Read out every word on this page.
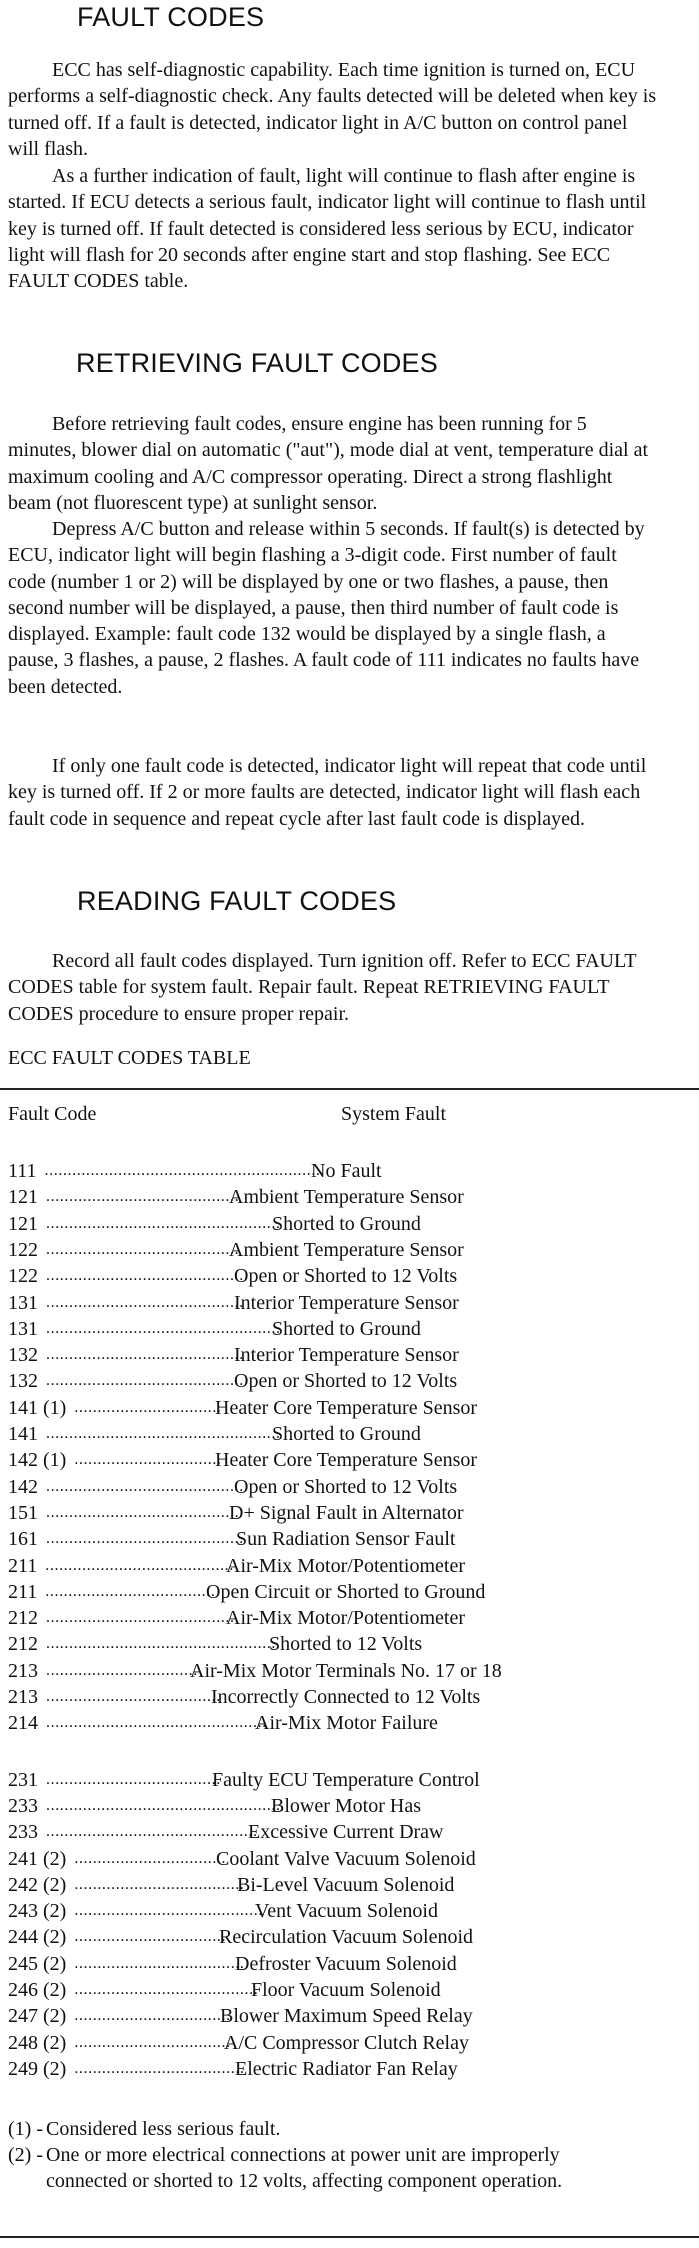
FAULT CODES

ECC has self-diagnostic capability. Each time ignition is turned on, ECU performs a self-diagnostic check. Any faults detected will be deleted when key is turned off. If a fault is detected, indicator light in A/C button on control panel will flash.

As a further indication of fault, light will continue to flash after engine is started. If ECU detects a serious fault, indicator light will continue to flash until key is turned off. If fault detected is considered less serious by ECU, indicator light will flash for 20 seconds after engine start and stop flashing. See ECC FAULT CODES table.

RETRIEVING FAULT CODES

Before retrieving fault codes, ensure engine has been running for 5 minutes, blower dial on automatic ("aut"), mode dial at vent, temperature dial at maximum cooling and A/C compressor operating. Direct a strong flashlight beam (not fluorescent type) at sunlight sensor.

Depress A/C button and release within 5 seconds. If fault(s) is detected by ECU, indicator light will begin flashing a 3-digit code. First number of fault code (number 1 or 2) will be displayed by one or two flashes, a pause, then second number will be displayed, a pause, then third number of fault code is displayed. Example: fault code 132 would be displayed by a single flash, a pause, 3 flashes, a pause, 2 flashes. A fault code of 111 indicates no faults have been detected.

If only one fault code is detected, indicator light will repeat that code until key is turned off. If 2 or more faults are detected, indicator light will flash each fault code in sequence and repeat cycle after last fault code is displayed.

READING FAULT CODES

Record all fault codes displayed. Turn ignition off. Refer to ECC FAULT CODES table for system fault. Repair fault. Repeat RETRIEVING FAULT CODES procedure to ensure proper repair.

ECC FAULT CODES TABLE

Fault Code	System Fault

111 ............................................................
No Fault
121 ..........................................
Ambient Temperature Sensor
121 ...................................................
Shorted to Ground
122 ..........................................
Ambient Temperature Sensor
122 ...........................................
Open or Shorted to 12 Volts
131 ...........................................
Interior Temperature Sensor
131 ...................................................
Shorted to Ground
132 ...........................................
Interior Temperature Sensor
132 ...........................................
Open or Shorted to 12 Volts
141 (1) ................................
Heater Core Temperature Sensor
141 ...................................................
Shorted to Ground
142 (1) ................................
Heater Core Temperature Sensor
142 ...........................................
Open or Shorted to 12 Volts
151 ..........................................
D+ Signal Fault in Alternator
161 ...........................................
Sun Radiation Sensor Fault
211 .........................................
Air-Mix Motor/Potentiometer
211 .....................................
Open Circuit or Shorted to Ground
212 .........................................
Air-Mix Motor/Potentiometer
212 ...................................................
Shorted to 12 Volts
213 .................................
Air-Mix Motor Terminals No. 17 or 18
213 ......................................
Incorrectly Connected to 12 Volts
214 ................................................
Air-Mix Motor Failure
231 ......................................
Faulty ECU Temperature Control
233 ...................................................
Blower Motor Has
233 ..............................................
Excessive Current Draw
241 (2) .................................
Coolant Valve Vacuum Solenoid
242 (2) .....................................
Bi-Level Vacuum Solenoid
243 (2) .........................................
Vent Vacuum Solenoid
244 (2) .................................
Recirculation Vacuum Solenoid
245 (2) .....................................
Defroster Vacuum Solenoid
246 (2) ........................................
Floor Vacuum Solenoid
247 (2) ..................................
Blower Maximum Speed Relay
248 (2) ..................................
A/C Compressor Clutch Relay
249 (2) .....................................
Electric Radiator Fan Relay
(1) - Considered less serious fault.
(2) - One or more electrical connections at power unit are improperly connected or shorted to 12 volts, affecting component operation.
